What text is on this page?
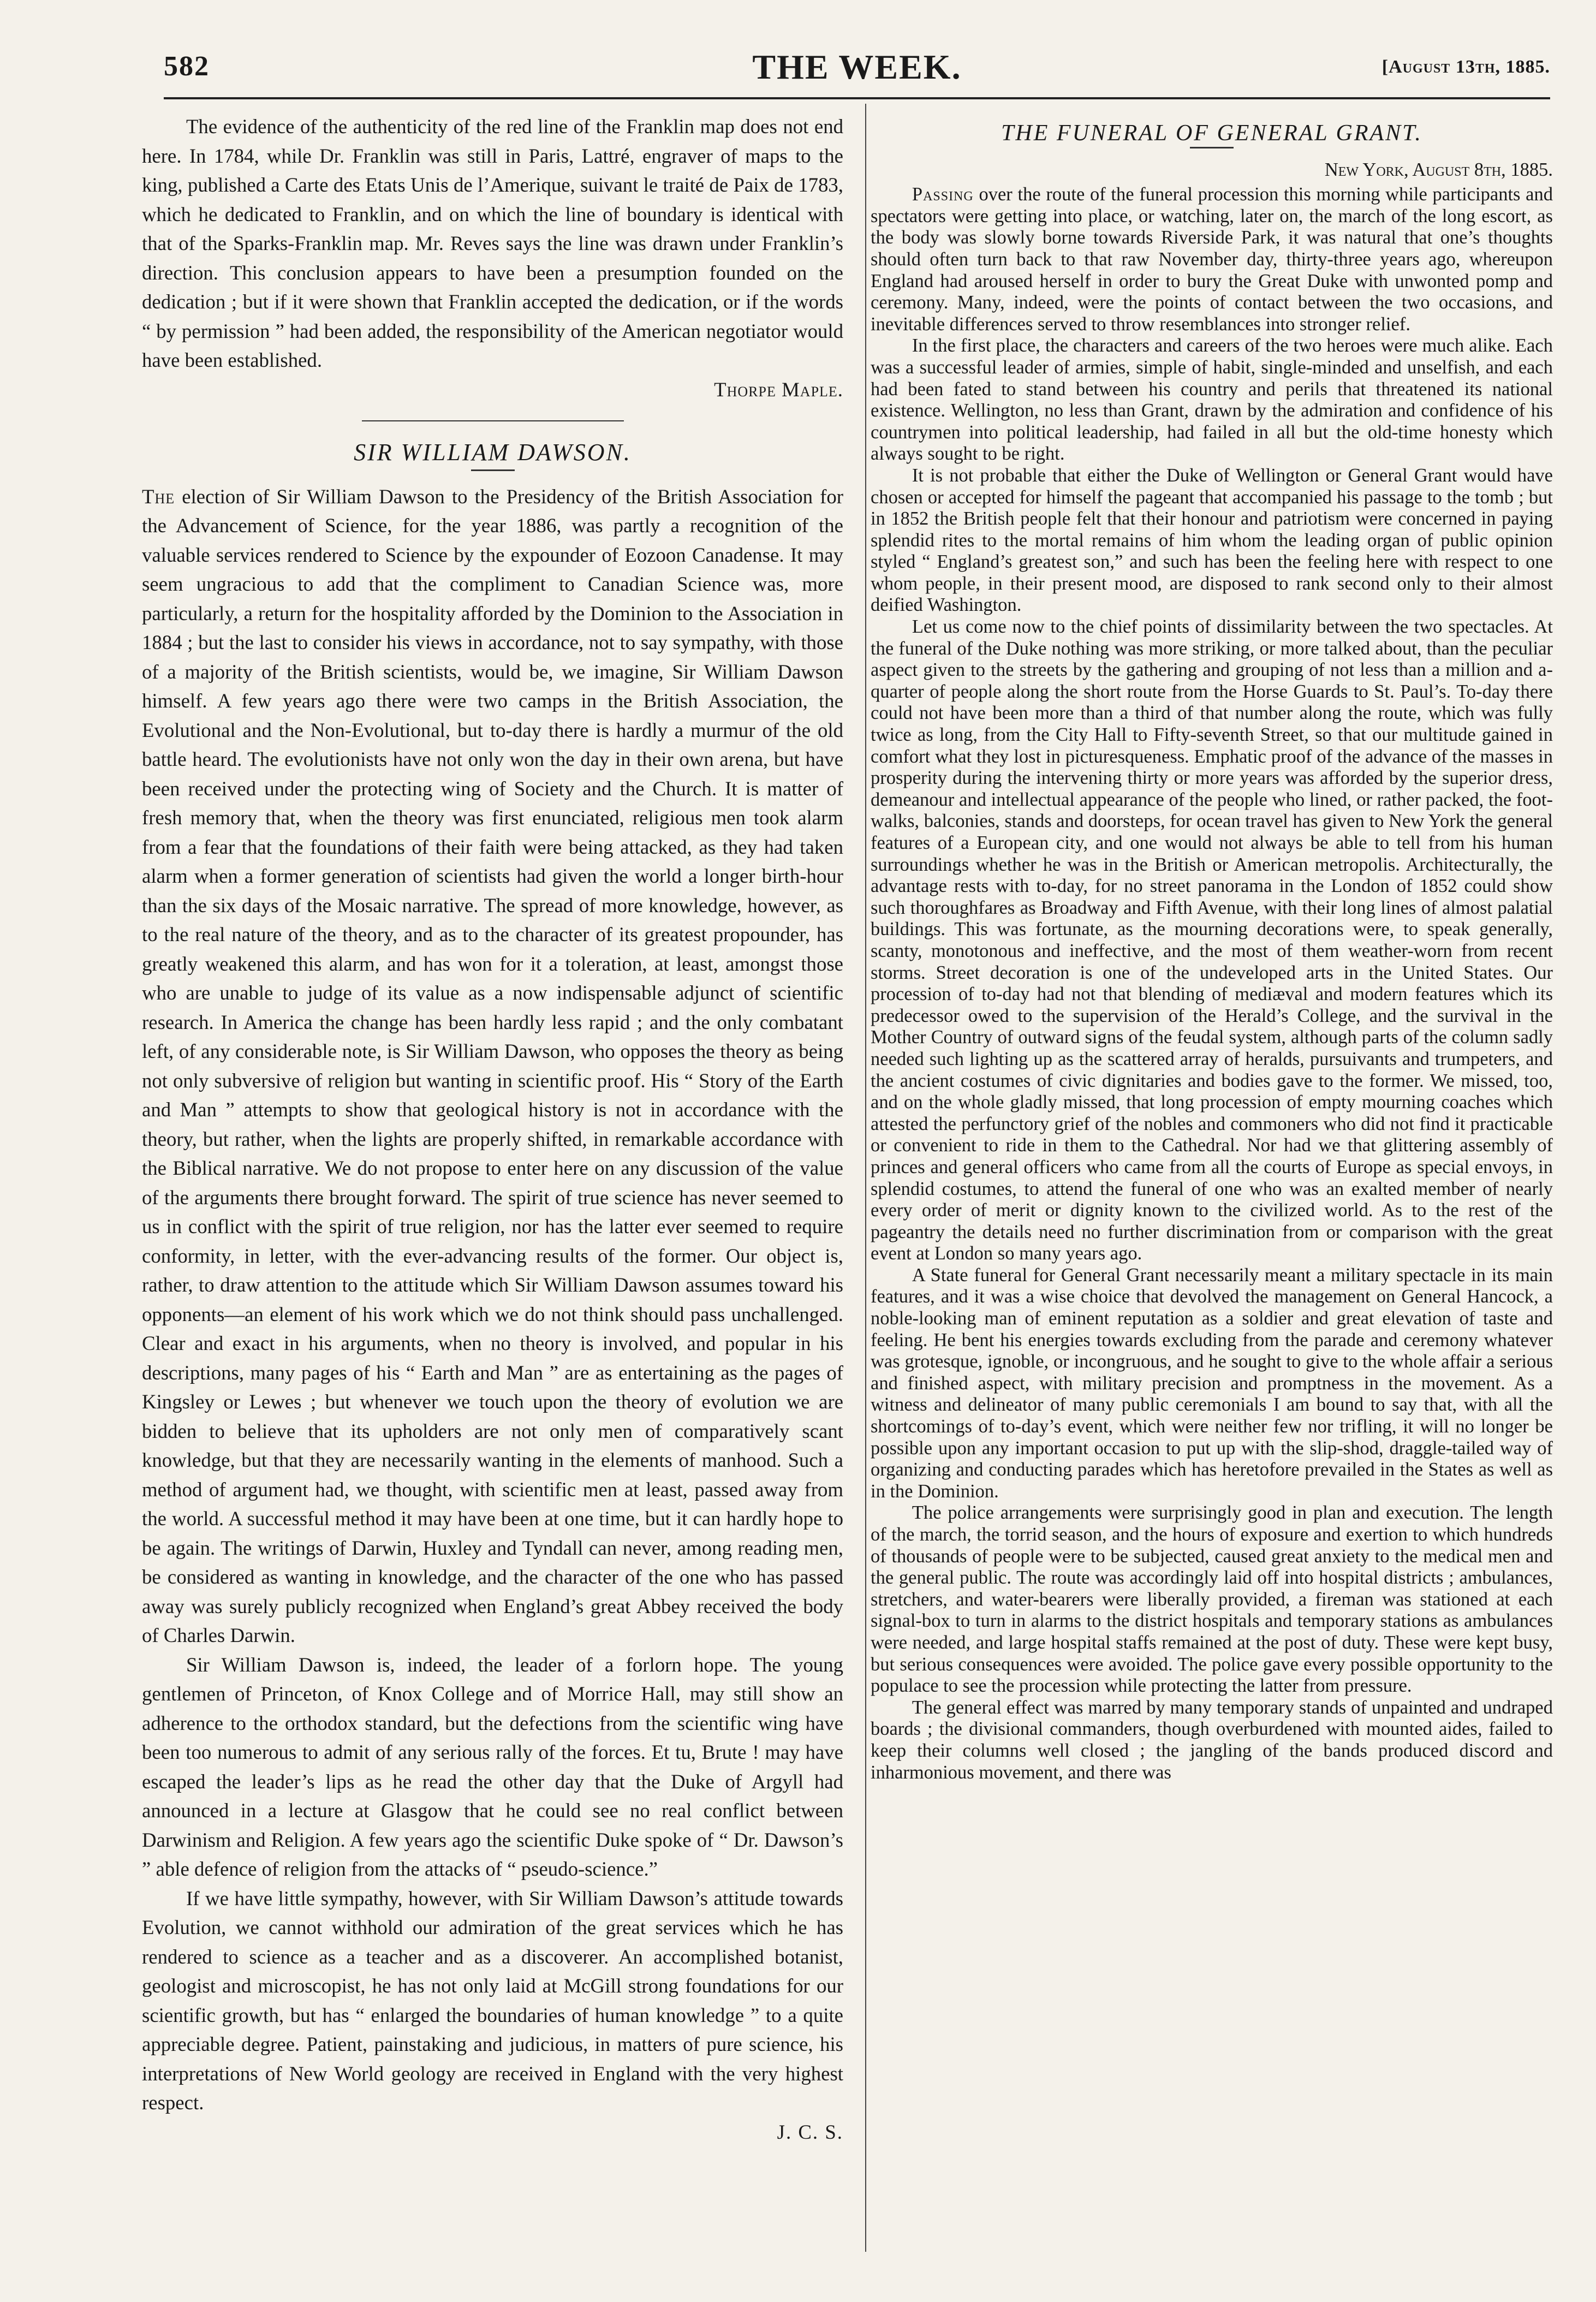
582	THE WEEK.	[August 13th, 1885.

The evidence of the authenticity of the red line of the Franklin map does not end here. In 1784, while Dr. Franklin was still in Paris, Lattré, engraver of maps to the king, published a Carte des Etats Unis de l’Amerique, suivant le traité de Paix de 1783, which he dedicated to Franklin, and on which the line of boundary is identical with that of the Sparks-Franklin map. Mr. Reves says the line was drawn under Franklin’s direction. This conclusion appears to have been a presumption founded on the dedication ; but if it were shown that Franklin accepted the dedication, or if the words “ by permission ” had been added, the responsibility of the American negotiator would have been established.

Thorpe Maple.
SIR WILLIAM DAWSON.

The election of Sir William Dawson to the Presidency of the British Association for the Advancement of Science, for the year 1886, was partly a recognition of the valuable services rendered to Science by the expounder of Eozoon Canadense. It may seem ungracious to add that the compliment to Canadian Science was, more particularly, a return for the hospitality afforded by the Dominion to the Association in 1884 ; but the last to consider his views in accordance, not to say sympathy, with those of a majority of the British scientists, would be, we imagine, Sir William Dawson himself. A few years ago there were two camps in the British Association, the Evolutional and the Non-Evolutional, but to-day there is hardly a murmur of the old battle heard. The evolutionists have not only won the day in their own arena, but have been received under the protecting wing of Society and the Church. It is matter of fresh memory that, when the theory was first enunciated, religious men took alarm from a fear that the foundations of their faith were being attacked, as they had taken alarm when a former generation of scientists had given the world a longer birth-hour than the six days of the Mosaic narrative. The spread of more knowledge, however, as to the real nature of the theory, and as to the character of its greatest propounder, has greatly weakened this alarm, and has won for it a toleration, at least, amongst those who are unable to judge of its value as a now indispensable adjunct of scientific research. In America the change has been hardly less rapid ; and the only combatant left, of any considerable note, is Sir William Dawson, who opposes the theory as being not only subversive of religion but wanting in scientific proof. His “ Story of the Earth and Man ” attempts to show that geological history is not in accordance with the theory, but rather, when the lights are properly shifted, in remarkable accordance with the Biblical narrative. We do not propose to enter here on any discussion of the value of the arguments there brought forward. The spirit of true science has never seemed to us in conflict with the spirit of true religion, nor has the latter ever seemed to require conformity, in letter, with the ever-advancing results of the former. Our object is, rather, to draw attention to the attitude which Sir William Dawson assumes toward his opponents—an element of his work which we do not think should pass unchallenged. Clear and exact in his arguments, when no theory is involved, and popular in his descriptions, many pages of his “ Earth and Man ” are as entertaining as the pages of Kingsley or Lewes ; but whenever we touch upon the theory of evolution we are bidden to believe that its upholders are not only men of comparatively scant knowledge, but that they are necessarily wanting in the elements of manhood. Such a method of argument had, we thought, with scientific men at least, passed away from the world. A successful method it may have been at one time, but it can hardly hope to be again. The writings of Darwin, Huxley and Tyndall can never, among reading men, be considered as wanting in knowledge, and the character of the one who has passed away was surely publicly recognized when England’s great Abbey received the body of Charles Darwin.

Sir William Dawson is, indeed, the leader of a forlorn hope. The young gentlemen of Princeton, of Knox College and of Morrice Hall, may still show an adherence to the orthodox standard, but the defections from the scientific wing have been too numerous to admit of any serious rally of the forces. Et tu, Brute ! may have escaped the leader’s lips as he read the other day that the Duke of Argyll had announced in a lecture at Glasgow that he could see no real conflict between Darwinism and Religion. A few years ago the scientific Duke spoke of “ Dr. Dawson’s ” able defence of religion from the attacks of “ pseudo-science.”

If we have little sympathy, however, with Sir William Dawson’s attitude towards Evolution, we cannot withhold our admiration of the great services which he has rendered to science as a teacher and as a discoverer. An accomplished botanist, geologist and microscopist, he has not only laid at McGill strong foundations for our scientific growth, but has “ enlarged the boundaries of human knowledge ” to a quite appreciable degree. Patient, painstaking and judicious, in matters of pure science, his interpretations of New World geology are received in England with the very highest respect.

J. C. S.
THE FUNERAL OF GENERAL GRANT.
New York, August 8th, 1885.

Passing over the route of the funeral procession this morning while participants and spectators were getting into place, or watching, later on, the march of the long escort, as the body was slowly borne towards Riverside Park, it was natural that one’s thoughts should often turn back to that raw November day, thirty-three years ago, whereupon England had aroused herself in order to bury the Great Duke with unwonted pomp and ceremony. Many, indeed, were the points of contact between the two occasions, and inevitable differences served to throw resemblances into stronger relief.

In the first place, the characters and careers of the two heroes were much alike. Each was a successful leader of armies, simple of habit, single-minded and unselfish, and each had been fated to stand between his country and perils that threatened its national existence. Wellington, no less than Grant, drawn by the admiration and confidence of his countrymen into political leadership, had failed in all but the old-time honesty which always sought to be right.

It is not probable that either the Duke of Wellington or General Grant would have chosen or accepted for himself the pageant that accompanied his passage to the tomb ; but in 1852 the British people felt that their honour and patriotism were concerned in paying splendid rites to the mortal remains of him whom the leading organ of public opinion styled “ England’s greatest son,” and such has been the feeling here with respect to one whom people, in their present mood, are disposed to rank second only to their almost deified Washington.

Let us come now to the chief points of dissimilarity between the two spectacles. At the funeral of the Duke nothing was more striking, or more talked about, than the peculiar aspect given to the streets by the gathering and grouping of not less than a million and a-quarter of people along the short route from the Horse Guards to St. Paul’s. To-day there could not have been more than a third of that number along the route, which was fully twice as long, from the City Hall to Fifty-seventh Street, so that our multitude gained in comfort what they lost in picturesqueness. Emphatic proof of the advance of the masses in prosperity during the intervening thirty or more years was afforded by the superior dress, demeanour and intellectual appearance of the people who lined, or rather packed, the foot-walks, balconies, stands and doorsteps, for ocean travel has given to New York the general features of a European city, and one would not always be able to tell from his human surroundings whether he was in the British or American metropolis. Architecturally, the advantage rests with to-day, for no street panorama in the London of 1852 could show such thoroughfares as Broadway and Fifth Avenue, with their long lines of almost palatial buildings. This was fortunate, as the mourning decorations were, to speak generally, scanty, monotonous and ineffective, and the most of them weather-worn from recent storms. Street decoration is one of the undeveloped arts in the United States. Our procession of to-day had not that blending of mediæval and modern features which its predecessor owed to the supervision of the Herald’s College, and the survival in the Mother Country of outward signs of the feudal system, although parts of the column sadly needed such lighting up as the scattered array of heralds, pursuivants and trumpeters, and the ancient costumes of civic dignitaries and bodies gave to the former. We missed, too, and on the whole gladly missed, that long procession of empty mourning coaches which attested the perfunctory grief of the nobles and commoners who did not find it practicable or convenient to ride in them to the Cathedral. Nor had we that glittering assembly of princes and general officers who came from all the courts of Europe as special envoys, in splendid costumes, to attend the funeral of one who was an exalted member of nearly every order of merit or dignity known to the civilized world. As to the rest of the pageantry the details need no further discrimination from or comparison with the great event at London so many years ago.

A State funeral for General Grant necessarily meant a military spectacle in its main features, and it was a wise choice that devolved the management on General Hancock, a noble-looking man of eminent reputation as a soldier and great elevation of taste and feeling. He bent his energies towards excluding from the parade and ceremony whatever was grotesque, ignoble, or incongruous, and he sought to give to the whole affair a serious and finished aspect, with military precision and promptness in the movement. As a witness and delineator of many public ceremonials I am bound to say that, with all the shortcomings of to-day’s event, which were neither few nor trifling, it will no longer be possible upon any important occasion to put up with the slip-shod, draggle-tailed way of organizing and conducting parades which has heretofore prevailed in the States as well as in the Dominion.

The police arrangements were surprisingly good in plan and execution. The length of the march, the torrid season, and the hours of exposure and exertion to which hundreds of thousands of people were to be subjected, caused great anxiety to the medical men and the general public. The route was accordingly laid off into hospital districts ; ambulances, stretchers, and water-bearers were liberally provided, a fireman was stationed at each signal-box to turn in alarms to the district hospitals and temporary stations as ambulances were needed, and large hospital staffs remained at the post of duty. These were kept busy, but serious consequences were avoided. The police gave every possible opportunity to the populace to see the procession while protecting the latter from pressure.

The general effect was marred by many temporary stands of unpainted and undraped boards ; the divisional commanders, though overburdened with mounted aides, failed to keep their columns well closed ; the jangling of the bands produced discord and inharmonious movement, and there was
